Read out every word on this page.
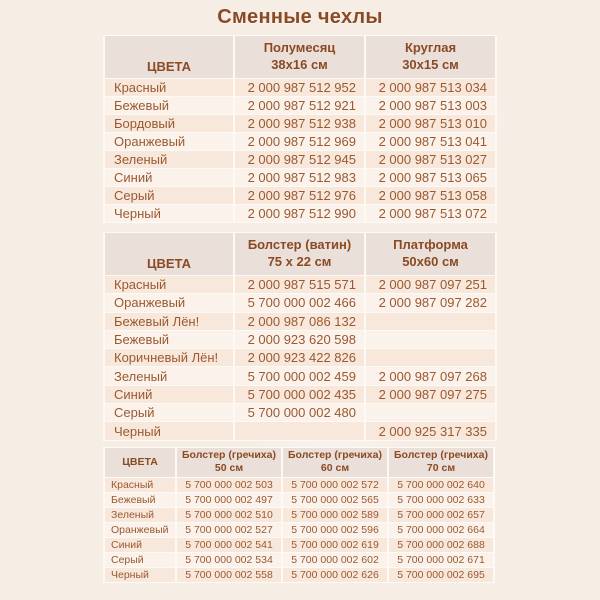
Сменные чехлы
ЦВЕТА	
Полумесяц
38x16 см

Круглая
30x15 см

Красный	2 000 987 512 952	2 000 987 513 034
Бежевый	2 000 987 512 921	2 000 987 513 003
Бордовый	2 000 987 512 938	2 000 987 513 010
Оранжевый	2 000 987 512 969	2 000 987 513 041
Зеленый	2 000 987 512 945	2 000 987 513 027
Синий	2 000 987 512 983	2 000 987 513 065
Серый	2 000 987 512 976	2 000 987 513 058
Черный	2 000 987 512 990	2 000 987 513 072
ЦВЕТА	
Болстер (ватин)
75 x 22 см

Платформа
50x60 см

Красный	2 000 987 515 571	2 000 987 097 251
Оранжевый	5 700 000 002 466	2 000 987 097 282
Бежевый Лён!	2 000 987 086 132	
Бежевый	2 000 923 620 598	
Коричневый Лён!	2 000 923 422 826	
Зеленый	5 700 000 002 459	2 000 987 097 268
Синий	5 700 000 002 435	2 000 987 097 275
Серый	5 700 000 002 480	
Черный		2 000 925 317 335
ЦВЕТА	
Болстер (гречиха)
50 см

Болстер (гречиха)
60 см

Болстер (гречиха)
70 см

Красный	5 700 000 002 503	5 700 000 002 572	5 700 000 002 640
Бежевый	5 700 000 002 497	5 700 000 002 565	5 700 000 002 633
Зеленый	5 700 000 002 510	5 700 000 002 589	5 700 000 002 657
Оранжевый	5 700 000 002 527	5 700 000 002 596	5 700 000 002 664
Синий	5 700 000 002 541	5 700 000 002 619	5 700 000 002 688
Серый	5 700 000 002 534	5 700 000 002 602	5 700 000 002 671
Черный	5 700 000 002 558	5 700 000 002 626	5 700 000 002 695
